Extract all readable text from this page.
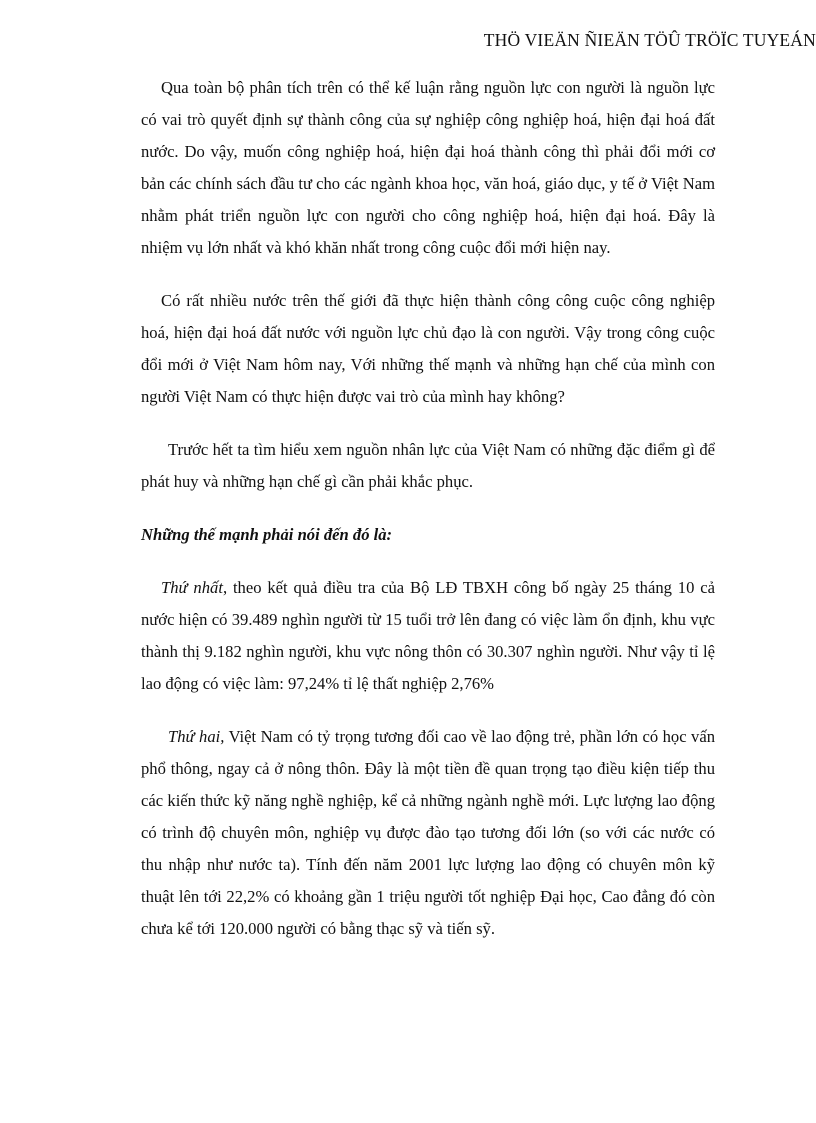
THÖ VIEÄN ÑIEÄN TÖÛ TRÖÏC TUYEÁN

Qua toàn bộ phân tích trên có thể kế luận rằng nguồn lực con người là nguồn lực có vai trò quyết định sự thành công của sự nghiệp công nghiệp hoá, hiện đại hoá đất nước. Do vậy, muốn công nghiệp hoá, hiện đại hoá thành công thì phải đổi mới cơ bản các chính sách đầu tư cho các ngành khoa học, văn hoá, giáo dục, y tế ở Việt Nam nhằm phát triển nguồn lực con người cho công nghiệp hoá, hiện đại hoá. Đây là nhiệm vụ lớn nhất và khó khăn nhất trong công cuộc đổi mới hiện nay.

Có rất nhiều nước trên thế giới đã thực hiện thành công công cuộc công nghiệp hoá, hiện đại hoá đất nước với nguồn lực chủ đạo là con người. Vậy trong công cuộc đổi mới ở Việt Nam hôm nay, Với những thế mạnh và những hạn chế của mình con người Việt Nam có thực hiện được vai trò của mình hay không?

Trước hết ta tìm hiểu xem nguồn nhân lực của Việt Nam có những đặc điểm gì để phát huy và những hạn chế gì cần phải khắc phục.

Những thế mạnh phải nói đến đó là:

Thứ nhất, theo kết quả điều tra của Bộ LĐ TBXH công bố ngày 25 tháng 10 cả nước hiện có 39.489 nghìn người từ 15 tuổi trở lên đang có việc làm ổn định, khu vực thành thị 9.182 nghìn người, khu vực nông thôn có 30.307 nghìn người. Như vậy tỉ lệ lao động có việc làm: 97,24% tỉ lệ thất nghiệp 2,76%

Thứ hai, Việt Nam có tỷ trọng tương đối cao về lao động trẻ, phần lớn có học vấn phổ thông, ngay cả ở nông thôn. Đây là một tiền đề quan trọng tạo điều kiện tiếp thu các kiến thức kỹ năng nghề nghiệp, kể cả những ngành nghề mới. Lực lượng lao động có trình độ chuyên môn, nghiệp vụ được đào tạo tương đối lớn (so với các nước có thu nhập như nước ta). Tính đến năm 2001 lực lượng lao động có chuyên môn kỹ thuật lên tới 22,2% có khoảng gần 1 triệu người tốt nghiệp Đại học, Cao đẳng đó còn chưa kể tới 120.000 người có bằng thạc sỹ và tiến sỹ.
